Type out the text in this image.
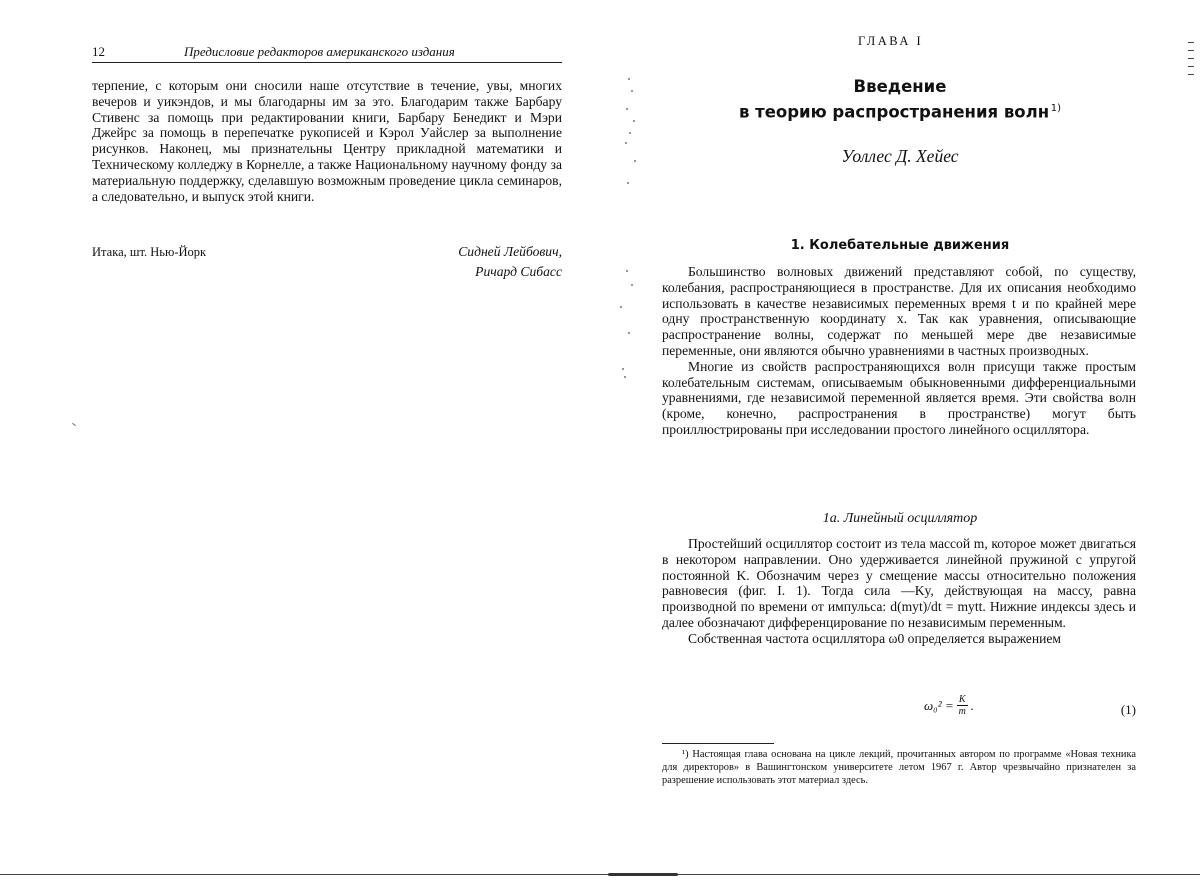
12	Предисловие редакторов американского издания

терпение, с которым они сносили наше отсутствие в течение, увы, многих вечеров и уикэндов, и мы благодарны им за это. Благодарим также Барбару Стивенс за помощь при редактировании книги, Барбару Бенедикт и Мэри Джейрс за помощь в перепечатке рукописей и Кэрол Уайслер за выполнение рисунков. Наконец, мы признательны Центру прикладной математики и Техническому колледжу в Корнелле, а также Национальному научному фонду за материальную поддержку, сделавшую возможным проведение цикла семинаров, а следовательно, и выпуск этой книги.

Итака, шт. Нью-Йорк	Сидней Лейбович,
Ричард Сибасс
ГЛАВА I
Введение
в теорию распространения волн  $^{1)}$
Уоллес Д. Хейес
1. Колебательные движения

Большинство волновых движений представляют собой, по существу, колебания, распространяющиеся в пространстве. Для их описания необходимо использовать в качестве независимых переменных время t и по крайней мере одну пространственную координату x. Так как уравнения, описывающие распространение волны, содержат по меньшей мере две независимые переменные, они являются обычно уравнениями в частных производных.

Многие из свойств распространяющихся волн присущи также простым колебательным системам, описываемым обыкновенными дифференциальными уравнениями, где независимой переменной является время. Эти свойства волн (кроме, конечно, распространения в пространстве) могут быть проиллюстрированы при исследовании простого линейного осциллятора.

1а. Линейный осциллятор

Простейший осциллятор состоит из тела массой m, которое может двигаться в некотором направлении. Оно удерживается линейной пружиной с упругой постоянной K. Обозначим через y смещение массы относительно положения равновесия (фиг. I. 1). Тогда сила —Ky, действующая на массу, равна производной по времени от импульса: d(myt)/dt = mytt. Нижние индексы здесь и далее обозначают дифференцирование по независимым переменным.

Собственная частота осциллятора ω0 определяется выражением

$\omega_0^2 = \frac{K}{m}$ .	(1)

¹) Настоящая глава основана на цикле лекций, прочитанных автором по программе «Новая техника для директоров» в Вашингтонском университете летом 1967 г. Автор чрезвычайно признателен за разрешение использовать этот материал здесь.
